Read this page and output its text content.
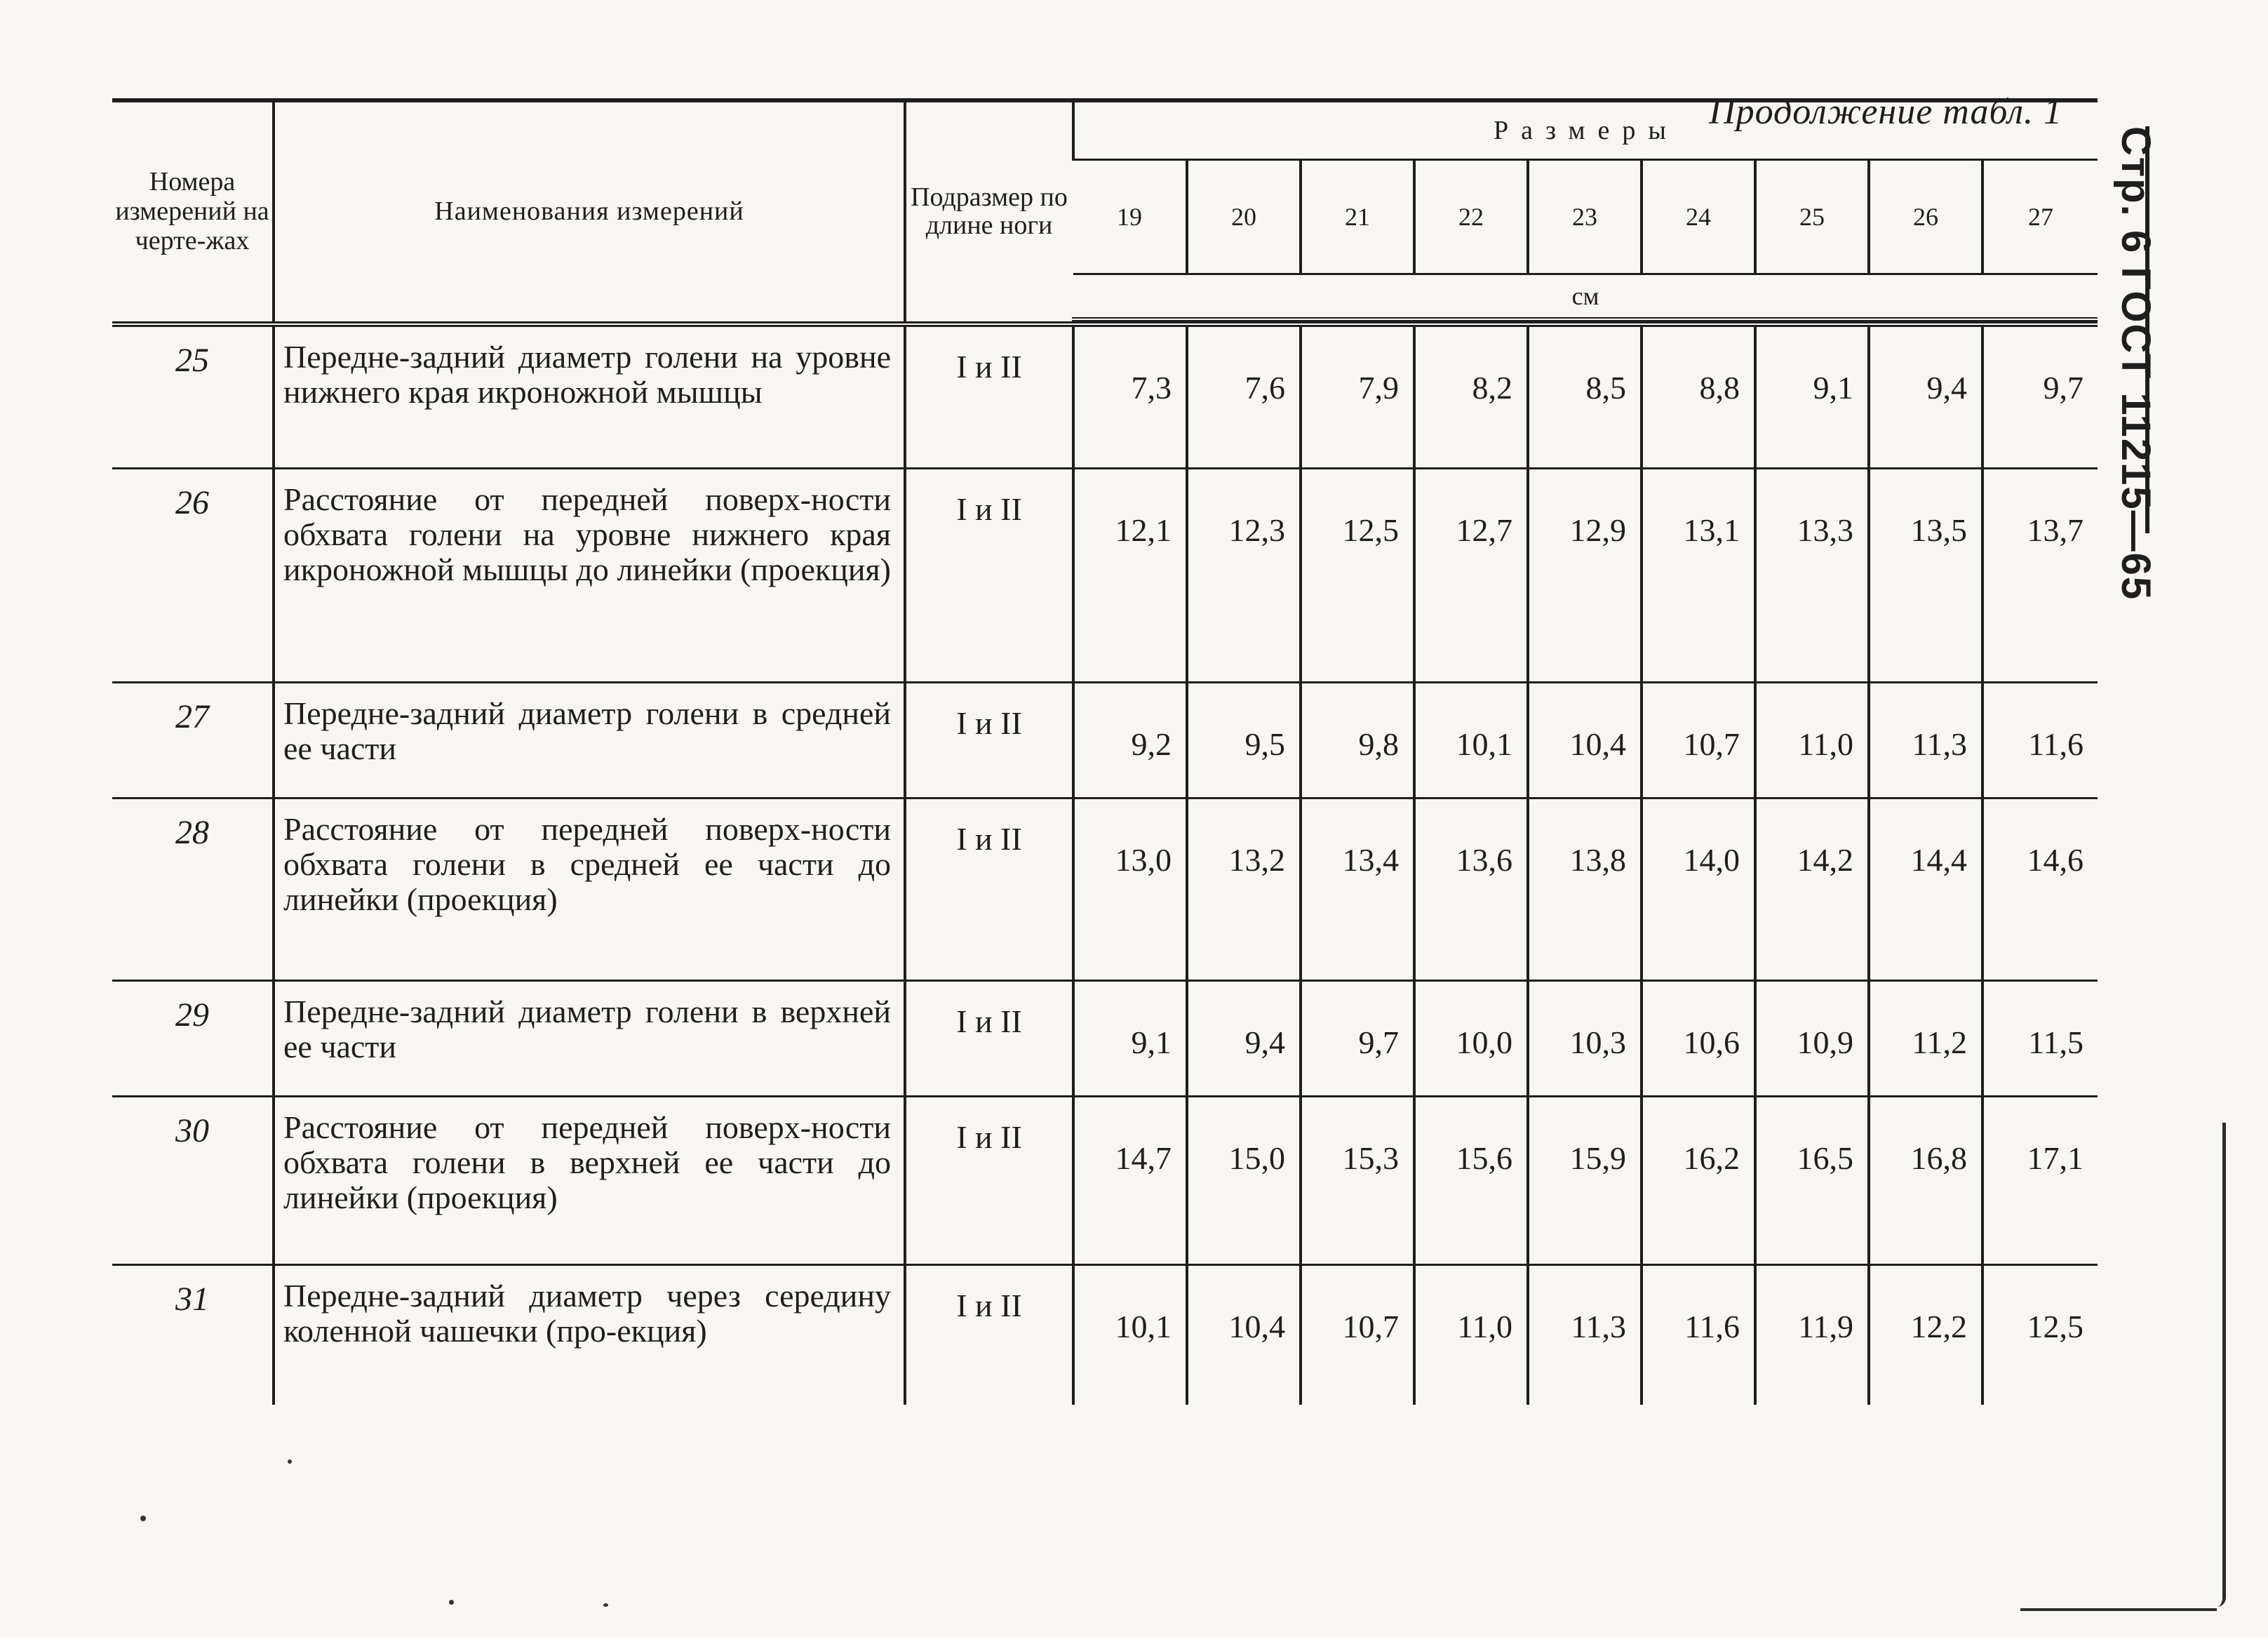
Продолжение табл. 1
Стр. 6 ГОСТ 11215—65
Номера измерений на черте-жах	Наименования измерений	Подразмер по длине ноги	Размеры								
			19	20	21	22	23	24	25	26	27
			см								

25	Передне-задний диаметр голени на уровне нижнего края икроножной мышцы	I и II	7,3	7,6	7,9	8,2	8,5	8,8	9,1	9,4	9,7
26	Расстояние от передней поверх-ности обхвата голени на уровне нижнего края икроножной мышцы до линейки (проекция)	I и II	12,1	12,3	12,5	12,7	12,9	13,1	13,3	13,5	13,7
27	Передне-задний диаметр голени в средней ее части	I и II	9,2	9,5	9,8	10,1	10,4	10,7	11,0	11,3	11,6
28	Расстояние от передней поверх-ности обхвата голени в средней ее части до линейки (проекция)	I и II	13,0	13,2	13,4	13,6	13,8	14,0	14,2	14,4	14,6
29	Передне-задний диаметр голени в верхней ее части	I и II	9,1	9,4	9,7	10,0	10,3	10,6	10,9	11,2	11,5
30	Расстояние от передней поверх-ности обхвата голени в верхней ее части до линейки (проекция)	I и II	14,7	15,0	15,3	15,6	15,9	16,2	16,5	16,8	17,1
31	Передне-задний диаметр через середину коленной чашечки (про-екция)	I и II	10,1	10,4	10,7	11,0	11,3	11,6	11,9	12,2	12,5
